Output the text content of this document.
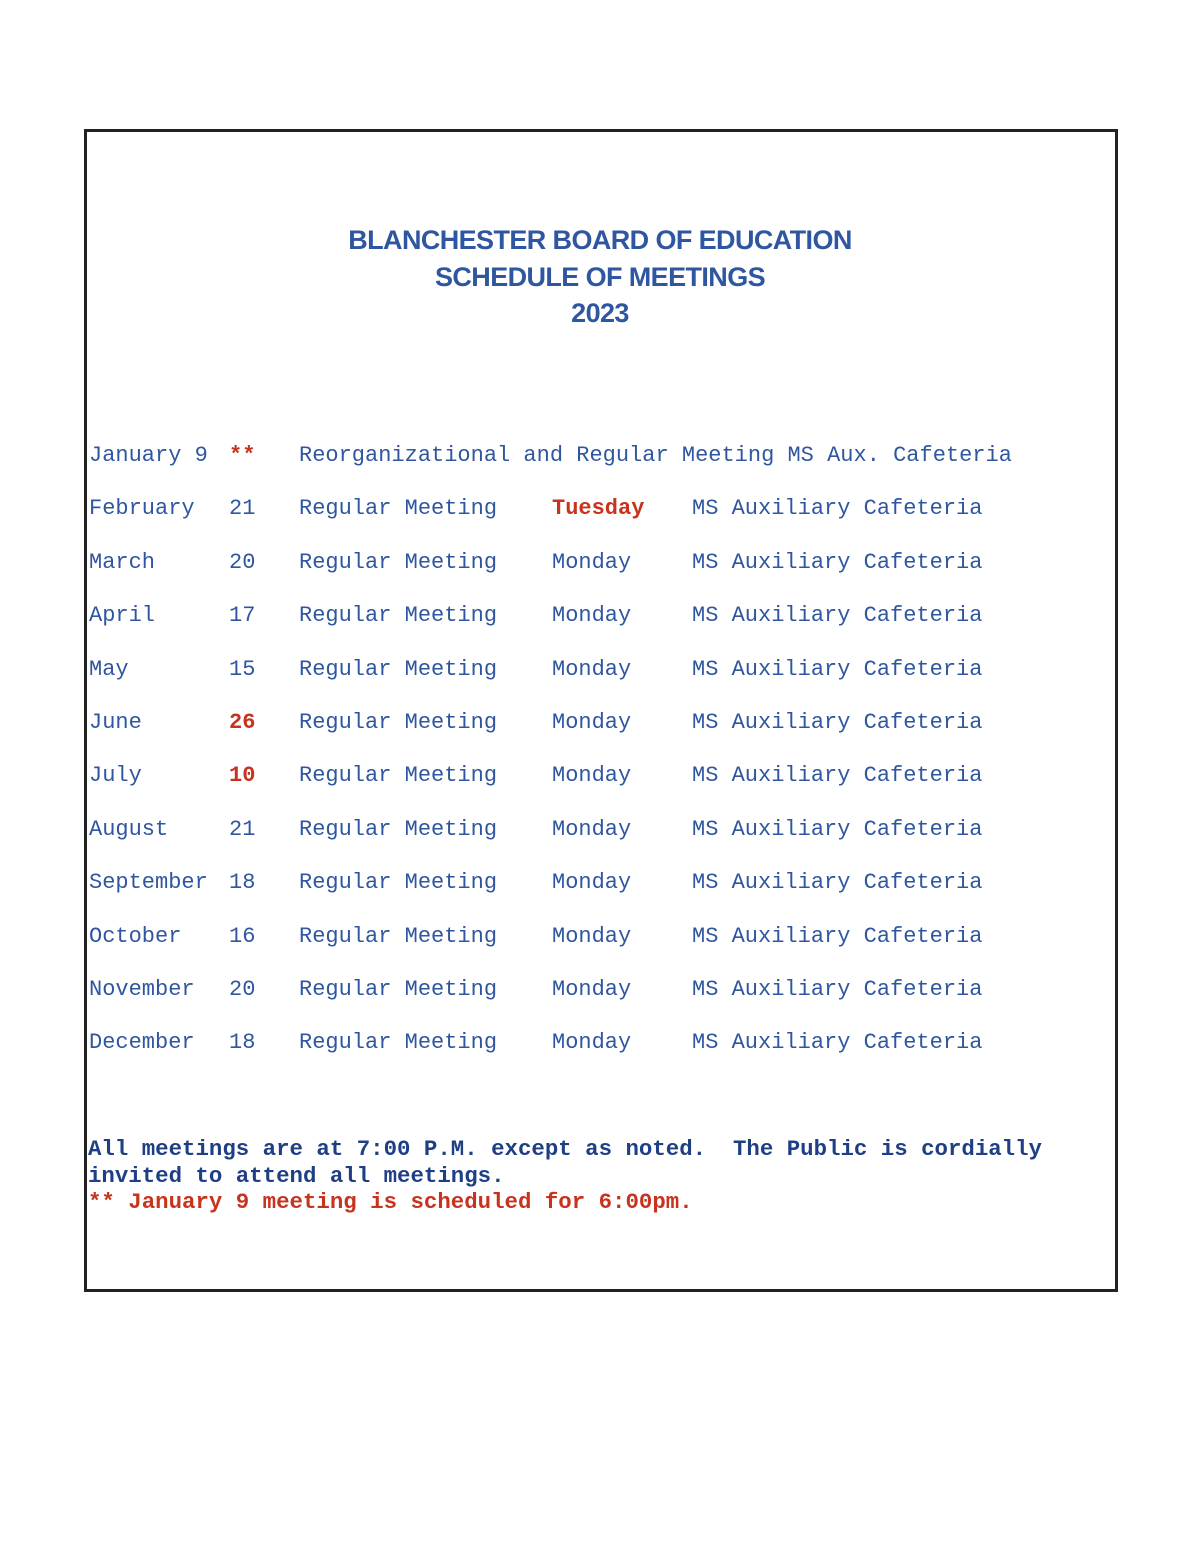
BLANCHESTER BOARD OF EDUCATION
SCHEDULE OF MEETINGS
2023
January 9 ** Reorganizational and Regular Meeting MS Aux. Cafeteria
February 21 Regular Meeting Tuesday MS Auxiliary Cafeteria
March	20 Regular Meeting Monday	MS Auxiliary Cafeteria
April	17 Regular Meeting Monday	MS Auxiliary Cafeteria
May	15 Regular Meeting Monday	MS Auxiliary Cafeteria
June	26 Regular Meeting Monday	MS Auxiliary Cafeteria
July	10 Regular Meeting Monday	MS Auxiliary Cafeteria
August	21 Regular Meeting Monday	MS Auxiliary Cafeteria
September 18 Regular Meeting Monday	MS Auxiliary Cafeteria
October 16 Regular Meeting Monday	MS Auxiliary Cafeteria
November 20 Regular Meeting Monday	MS Auxiliary Cafeteria
December 18 Regular Meeting Monday	MS Auxiliary Cafeteria
All meetings are at 7:00 P.M. except as noted.  The Public is cordially
invited to attend all meetings.
** January 9 meeting is scheduled for 6:00pm.
